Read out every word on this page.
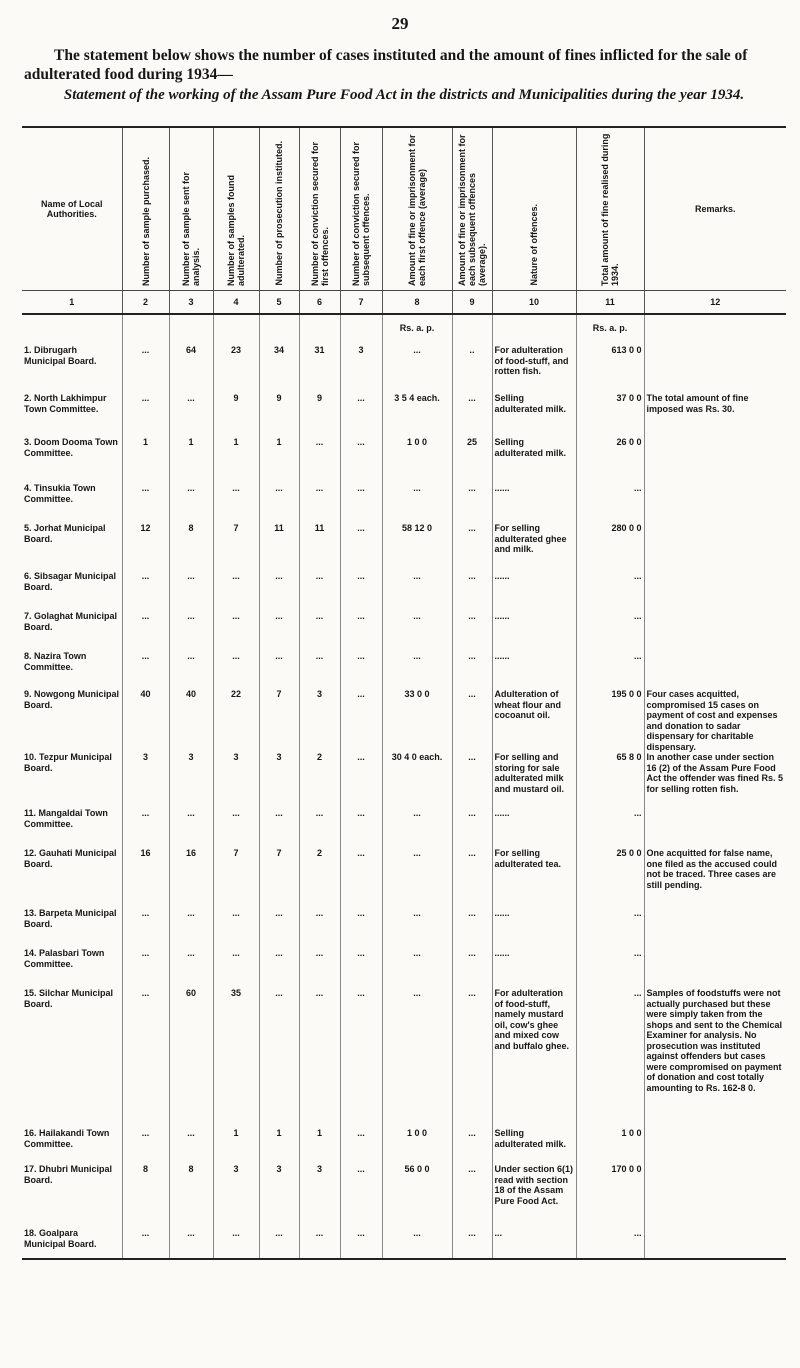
29
The statement below shows the number of cases instituted and the amount of fines inflicted for the sale of adulterated food during 1934—
Statement of the working of the Assam Pure Food Act in the districts and Municipalities during the year 1934.
Name of Local Authorities.	Number of sample purchased.	Number of sample sent for analysis.	Number of samples found adulterated.	Number of prosecution instituted.	Number of conviction secured for first offences.	Number of conviction secured for subsequent offences.	Amount of fine or imprisonment for each first offence (average)	Amount of fine or imprisonment for each subsequent offences (average).	Nature of offences.	Total amount of fine realised during 1934.	Remarks.

1	2	3	4	5	6	7	8	9	10	11	12
							Rs. a. p.			Rs. a. p.	
1. Dibrugarh Municipal Board.	...	64	23	34	31	3	...	..	For adulteration of food-stuff, and rotten fish.	613 0 0	
2. North Lakhimpur Town Committee.	...	...	9	9	9	...	3 5 4 each.	...	Selling adulterated milk.	37 0 0	The total amount of fine imposed was Rs. 30.
3. Doom Dooma Town Committee.	1	1	1	1	...	...	1 0 0	25	Selling adulterated milk.	26 0 0	
4. Tinsukia Town Committee.	...	...	...	...	...	...	...	...	......	...	
5. Jorhat Municipal Board.	12	8	7	11	11	...	58 12 0	...	For selling adulterated ghee and milk.	280 0 0	
6. Sibsagar Municipal Board.	...	...	...	...	...	...	...	...	......	...	
7. Golaghat Municipal Board.	...	...	...	...	...	...	...	...	......	...	
8. Nazira Town Committee.	...	...	...	...	...	...	...	...	......	...	
9. Nowgong Municipal Board.	40	40	22	7	3	...	33 0 0	...	Adulteration of wheat flour and cocoanut oil.	195 0 0	Four cases acquitted, compromised 15 cases on payment of cost and expenses and donation to sadar dispensary for charitable dispensary.
10. Tezpur Municipal Board.	3	3	3	3	2	...	30 4 0 each.	...	For selling and storing for sale adulterated milk and mustard oil.	65 8 0	In another case under section 16 (2) of the Assam Pure Food Act the offender was fined Rs. 5 for selling rotten fish.
11. Mangaldai Town Committee.	...	...	...	...	...	...	...	...	......	...	
12. Gauhati Municipal Board.	16	16	7	7	2	...	...	...	For selling adulterated tea.	25 0 0	One acquitted for false name, one filed as the accused could not be traced. Three cases are still pending.
13. Barpeta Municipal Board.	...	...	...	...	...	...	...	...	......	...	
14. Palasbari Town Committee.	...	...	...	...	...	...	...	...	......	...	
15. Silchar Municipal Board.	...	60	35	...	...	...	...	...	For adulteration of food-stuff, namely mustard oil, cow's ghee and mixed cow and buffalo ghee.	...	Samples of foodstuffs were not actually purchased but these were simply taken from the shops and sent to the Chemical Examiner for analysis. No prosecution was instituted against offenders but cases were compromised on payment of donation and cost totally amounting to Rs. 162-8 0.
16. Hailakandi Town Committee.	...	...	1	1	1	...	1 0 0	...	Selling adulterated milk.	1 0 0	
17. Dhubri Municipal Board.	8	8	3	3	3	...	56 0 0	...	Under section 6(1) read with section 18 of the Assam Pure Food Act.	170 0 0	
18. Goalpara Municipal Board.	...	...	...	...	...	...	...	...	...	...	
